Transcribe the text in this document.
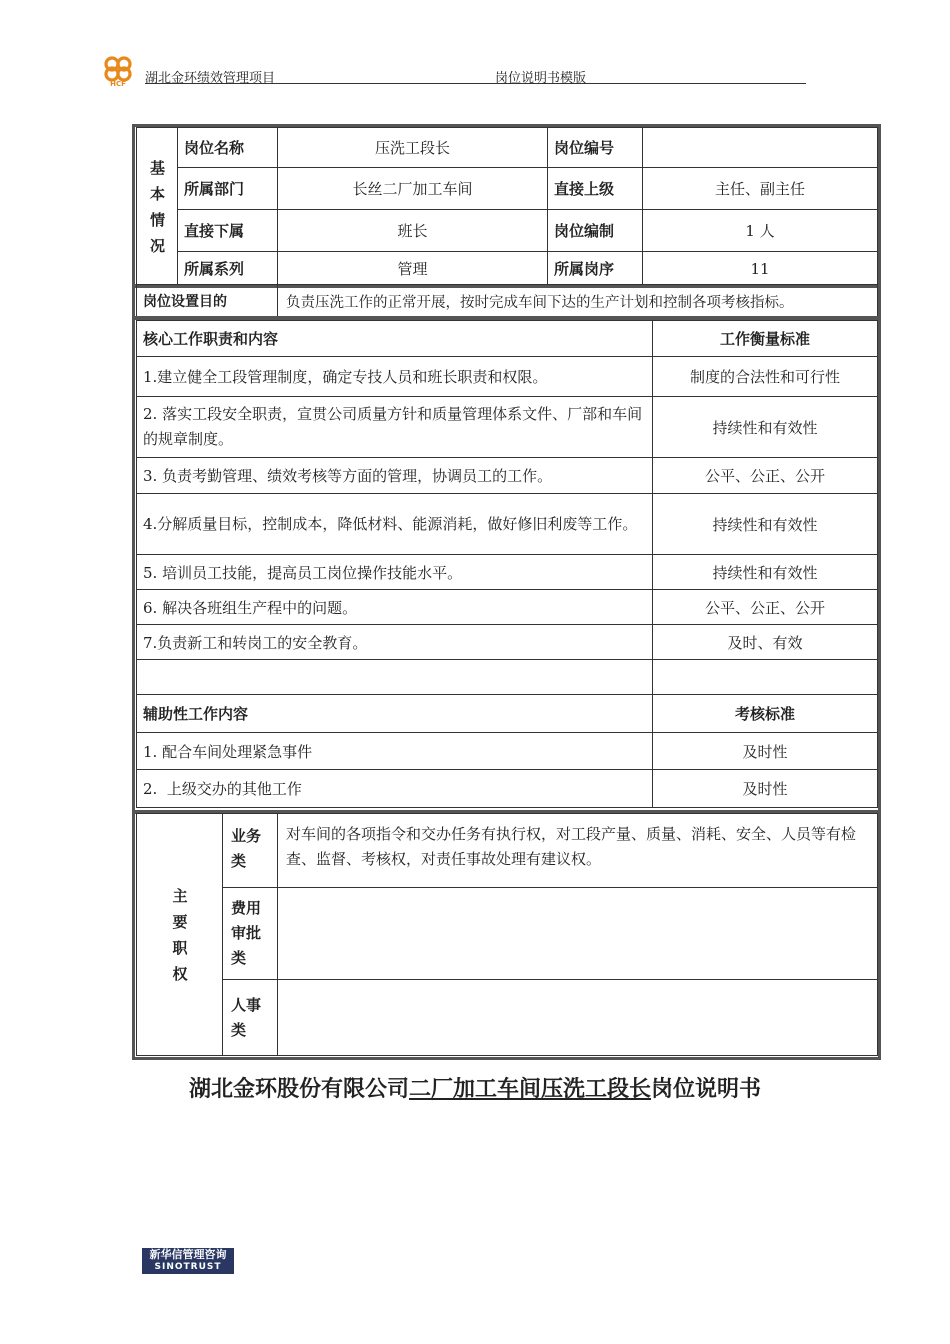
HCF 湖北金环绩效管理项目	岗位说明书模版
基本情况	岗位名称	压洗工段长	岗位编号	
	所属部门	长丝二厂加工车间	直接上级	主任、副主任
	直接下属	班长	岗位编制	1 人
	所属系列	管理	所属岗序	11
岗位设置目的	负责压洗工作的正常开展，按时完成车间下达的生产计划和控制各项考核指标。
核心工作职责和内容	工作衡量标准
1.建立健全工段管理制度，确定专技人员和班长职责和权限。	制度的合法性和可行性
2. 落实工段安全职责，宣贯公司质量方针和质量管理体系文件、厂部和车间的规章制度。	持续性和有效性
3. 负责考勤管理、绩效考核等方面的管理，协调员工的工作。	公平、公正、公开
4.分解质量目标，控制成本，降低材料、能源消耗，做好修旧利废等工作。	持续性和有效性
5. 培训员工技能，提高员工岗位操作技能水平。	持续性和有效性
6. 解决各班组生产程中的问题。	公平、公正、公开
7.负责新工和转岗工的安全教育。	及时、有效

辅助性工作内容	考核标准
1. 配合车间处理紧急事件	及时性
2.  上级交办的其他工作	及时性
主要职权	业务类	对车间的各项指令和交办任务有执行权，对工段产量、质量、消耗、安全、人员等有检查、监督、考核权，对责任事故处理有建议权。
	费用审批类	
	人事类	
湖北金环股份有限公司二厂加工车间压洗工段长岗位说明书
新华信管理咨询
SINOTRUST
